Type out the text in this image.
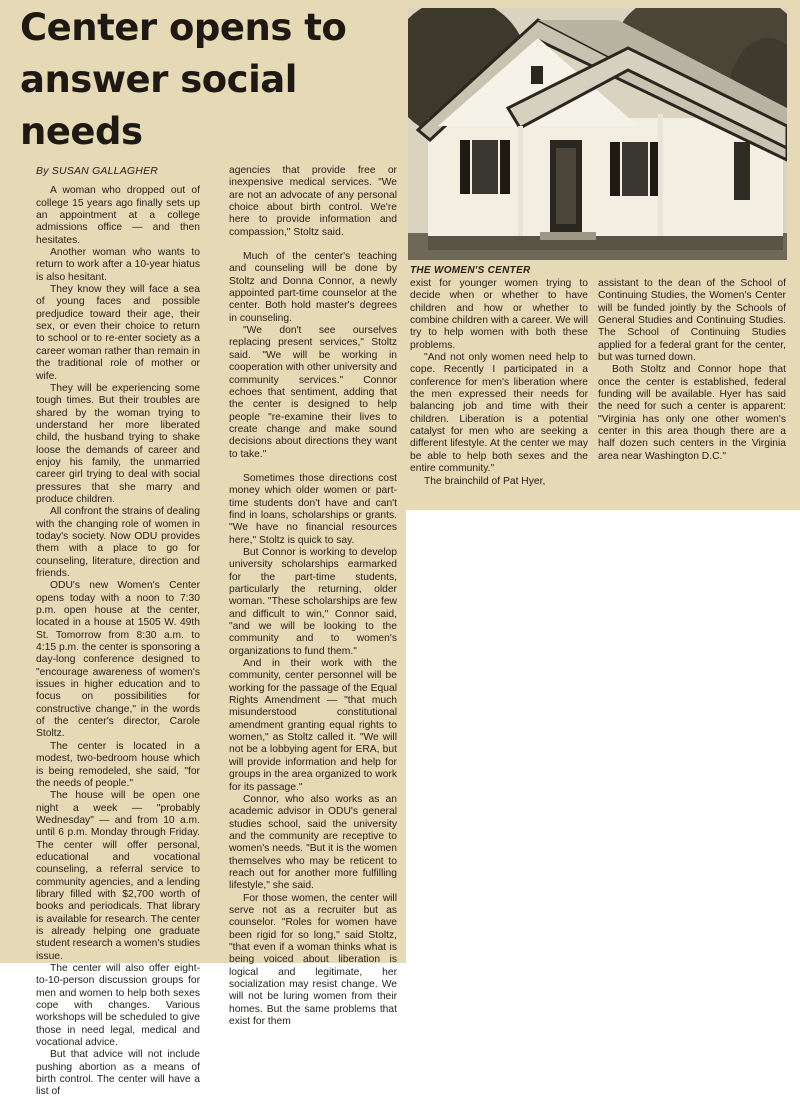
Center opens to answer social needs

By SUSAN GALLAGHER

A woman who dropped out of college 15 years ago finally sets up an appointment at a college admissions office — and then hesitates.

Another woman who wants to return to work after a 10-year hiatus is also hesitant.

They know they will face a sea of young faces and possible predjudice toward their age, their sex, or even their choice to return to school or to re-enter society as a career woman rather than remain in the traditional role of mother or wife.

They will be experiencing some tough times. But their troubles are shared by the woman trying to understand her more liberated child, the husband trying to shake loose the demands of career and enjoy his family, the unmarried career girl trying to deal with social pressures that she marry and produce children.

All confront the strains of dealing with the changing role of women in today's society. Now ODU provides them with a place to go for counseling, literature, direction and friends.

ODU's new Women's Center opens today with a noon to 7:30 p.m. open house at the center, located in a house at 1505 W. 49th St. Tomorrow from 8:30 a.m. to 4:15 p.m. the center is sponsoring a day-long conference designed to "encourage awareness of women's issues in higher education and to focus on possibilities for constructive change," in the words of the center's director, Carole Stoltz.

The center is located in a modest, two-bedroom house which is being remodeled, she said, "for the needs of people."

The house will be open one night a week — "probably Wednesday" — and from 10 a.m. until 6 p.m. Monday through Friday. The center will offer personal, educational and vocational counseling, a referral service to community agencies, and a lending library filled with $2,700 worth of books and periodicals. That library is available for research. The center is already helping one graduate student research a women's studies issue.

The center will also offer eight-to-10-person discussion groups for men and women to help both sexes cope with changes. Various workshops will be scheduled to give those in need legal, medical and vocational advice.

But that advice will not include pushing abortion as a means of birth control. The center will have a list of

agencies that provide free or inexpensive medical services. "We are not an advocate of any personal choice about birth control. We're here to provide information and compassion," Stoltz said.

Much of the center's teaching and counseling will be done by Stoltz and Donna Connor, a newly appointed part-time counselor at the center. Both hold master's degrees in counseling.

"We don't see ourselves replacing present services," Stoltz said. "We will be working in cooperation with other university and community services." Connor echoes that sentiment, adding that the center is designed to help people "re-examine their lives to create change and make sound decisions about directions they want to take."

Sometimes those directions cost money which older women or part-time students don't have and can't find in loans, scholarships or grants. "We have no financial resources here," Stoltz is quick to say.

But Connor is working to develop university scholarships earmarked for the part-time students, particularly the returning, older woman. "These scholarships are few and difficult to win," Connor said, "and we will be looking to the community and to women's organizations to fund them."

And in their work with the community, center personnel will be working for the passage of the Equal Rights Amendment — "that much misunderstood constitutional amendment granting equal rights to women," as Stoltz called it. "We will not be a lobbying agent for ERA, but will provide information and help for groups in the area organized to work for its passage."

Connor, who also works as an academic advisor in ODU's general studies school, said the university and the community are receptive to women's needs. "But it is the women themselves who may be reticent to reach out for another more fulfilling lifestyle," she said.

For those women, the center will serve not as a recruiter but as counselor. "Roles for women have been rigid for so long," said Stoltz, "that even if a woman thinks what is being voiced about liberation is logical and legitimate, her socialization may resist change. We will not be luring women from their homes. But the same problems that exist for them

THE WOMEN'S CENTER

exist for younger women trying to decide when or whether to have children and how or whether to combine children with a career. We will try to help women with both these problems.

"And not only women need help to cope. Recently I participated in a conference for men's liberation where the men expressed their needs for balancing job and time with their children. Liberation is a potential catalyst for men who are seeking a different lifestyle. At the center we may be able to help both sexes and the entire community."

The brainchild of Pat Hyer,

assistant to the dean of the School of Continuing Studies, the Women's Center will be funded jointly by the Schools of General Studies and Continuing Studies. The School of Continuing Studies applied for a federal grant for the center, but was turned down.

Both Stoltz and Connor hope that once the center is established, federal funding will be available. Hyer has said the need for such a center is apparent: "Virginia has only one other women's center in this area though there are a half dozen such centers in the Virginia area near Washington D.C."
